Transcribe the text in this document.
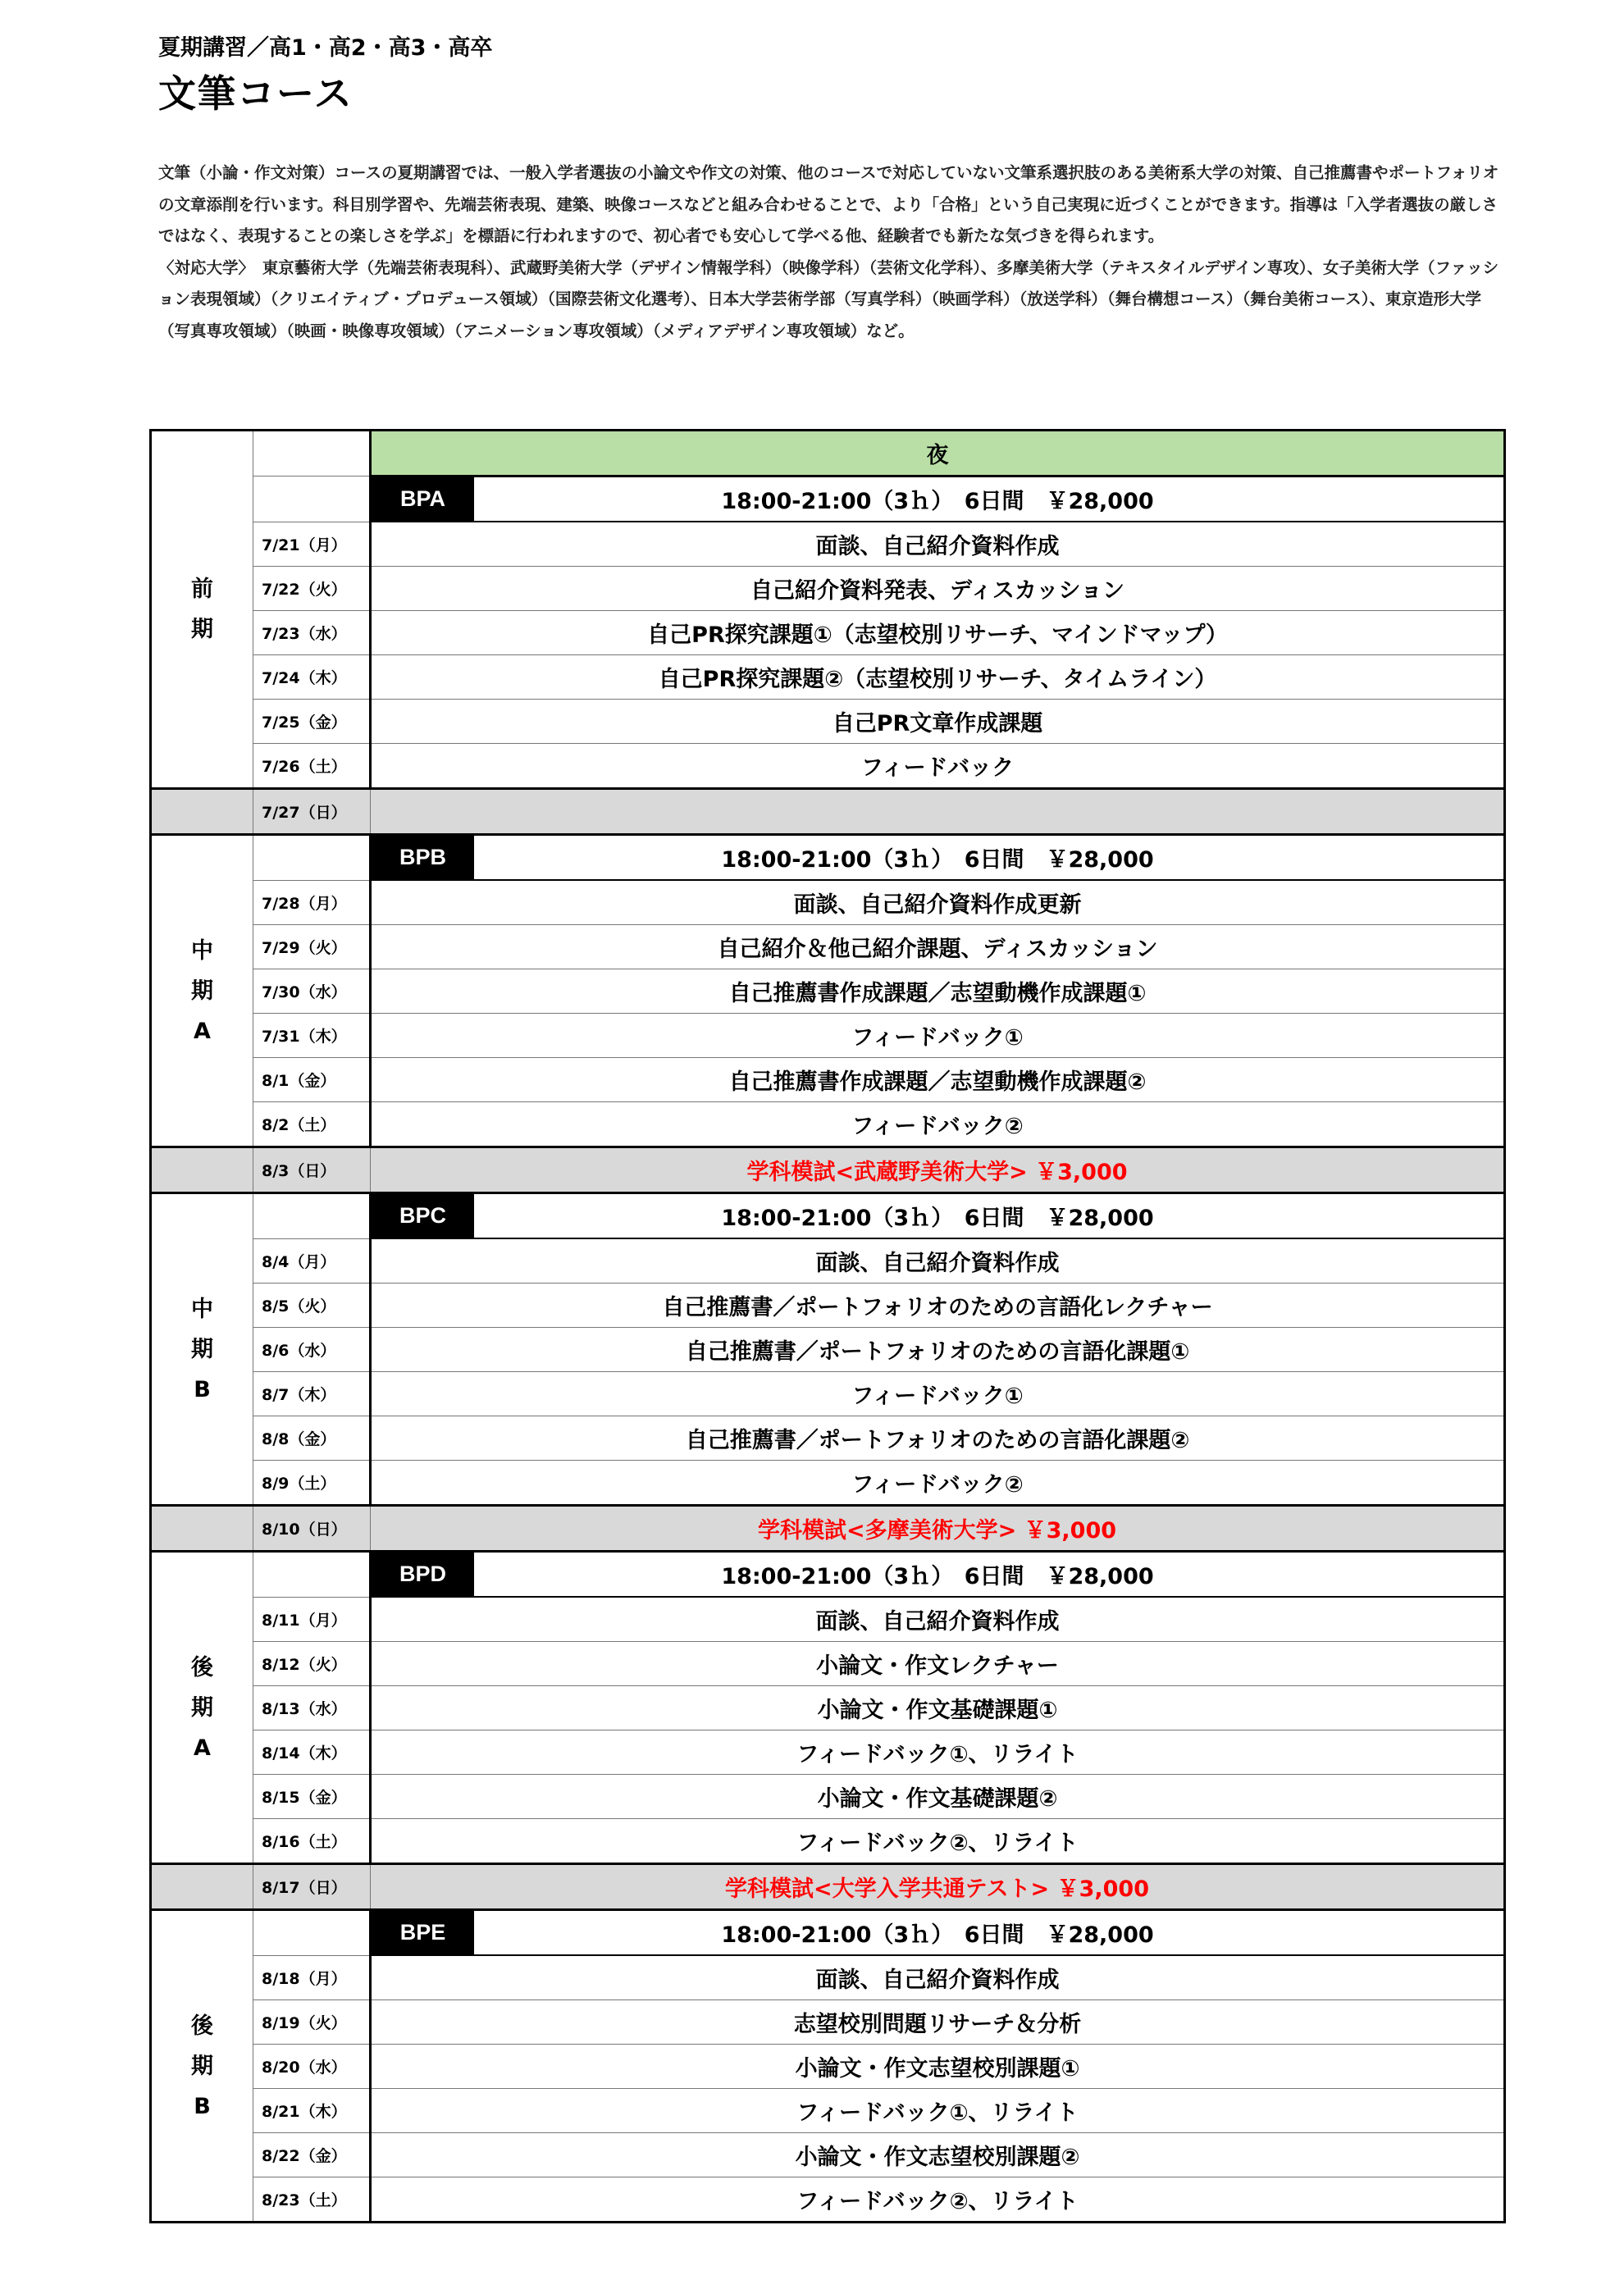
夏期講習／高1・高2・高3・高卒
文筆コース

文筆（小論・作文対策）コースの夏期講習では、一般入学者選抜の小論文や作文の対策、他のコースで対応していない文筆系選択肢のある美術系大学の対策、自己推薦書やポートフォリオの文章添削を行います。科目別学習や、先端芸術表現、建築、映像コースなどと組み合わせることで、より「合格」という自己実現に近づくことができます。指導は「入学者選抜の厳しさではなく、表現することの楽しさを学ぶ」を標語に行われますので、初心者でも安心して学べる他、経験者でも新たな気づきを得られます。

〈対応大学〉　東京藝術大学（先端芸術表現科）、武蔵野美術大学（デザイン情報学科）（映像学科）（芸術文化学科）、多摩美術大学（テキスタイルデザイン専攻）、女子美術大学（ファッション表現領域）（クリエイティブ・プロデュース領域）（国際芸術文化選考）、日本大学芸術学部（写真学科）（映画学科）（放送学科）（舞台構想コース）（舞台美術コース）、東京造形大学（写真専攻領域）（映画・映像専攻領域）（アニメーション専攻領域）（メディアデザイン専攻領域）など。

前
期		夜

BPA 18:00-21:00（3ｈ）　6日間　￥28,000
	7/21（月）	面談、自己紹介資料作成
	7/22（火）	自己紹介資料発表、ディスカッション
	7/23（水）	自己PR探究課題①（志望校別リサーチ、マインドマップ）
	7/24（木）	自己PR探究課題②（志望校別リサーチ、タイムライン）
	7/25（金）	自己PR文章作成課題
	7/26（土）	フィードバック
	7/27（日）	

中
期
A		BPB 18:00-21:00（3ｈ）　6日間　￥28,000
	7/28（月）	面談、自己紹介資料作成更新
	7/29（火）	自己紹介＆他己紹介課題、ディスカッション
	7/30（水）	自己推薦書作成課題／志望動機作成課題①
	7/31（木）	フィードバック①
	8/1（金）	自己推薦書作成課題／志望動機作成課題②
	8/2（土）	フィードバック②
	8/3（日）	学科模試<武蔵野美術大学> ￥3,000

中
期
B		BPC 18:00-21:00（3ｈ）　6日間　￥28,000
	8/4（月）	面談、自己紹介資料作成
	8/5（火）	自己推薦書／ポートフォリオのための言語化レクチャー
	8/6（水）	自己推薦書／ポートフォリオのための言語化課題①
	8/7（木）	フィードバック①
	8/8（金）	自己推薦書／ポートフォリオのための言語化課題②
	8/9（土）	フィードバック②
	8/10（日）	学科模試<多摩美術大学> ￥3,000

後
期
A		BPD 18:00-21:00（3ｈ）　6日間　￥28,000
	8/11（月）	面談、自己紹介資料作成
	8/12（火）	小論文・作文レクチャー
	8/13（水）	小論文・作文基礎課題①
	8/14（木）	フィードバック①、リライト
	8/15（金）	小論文・作文基礎課題②
	8/16（土）	フィードバック②、リライト
	8/17（日）	学科模試<大学入学共通テスト> ￥3,000

後
期
B		BPE 18:00-21:00（3ｈ）　6日間　￥28,000
	8/18（月）	面談、自己紹介資料作成
	8/19（火）	志望校別問題リサーチ＆分析
	8/20（水）	小論文・作文志望校別課題①
	8/21（木）	フィードバック①、リライト
	8/22（金）	小論文・作文志望校別課題②
	8/23（土）	フィードバック②、リライト
